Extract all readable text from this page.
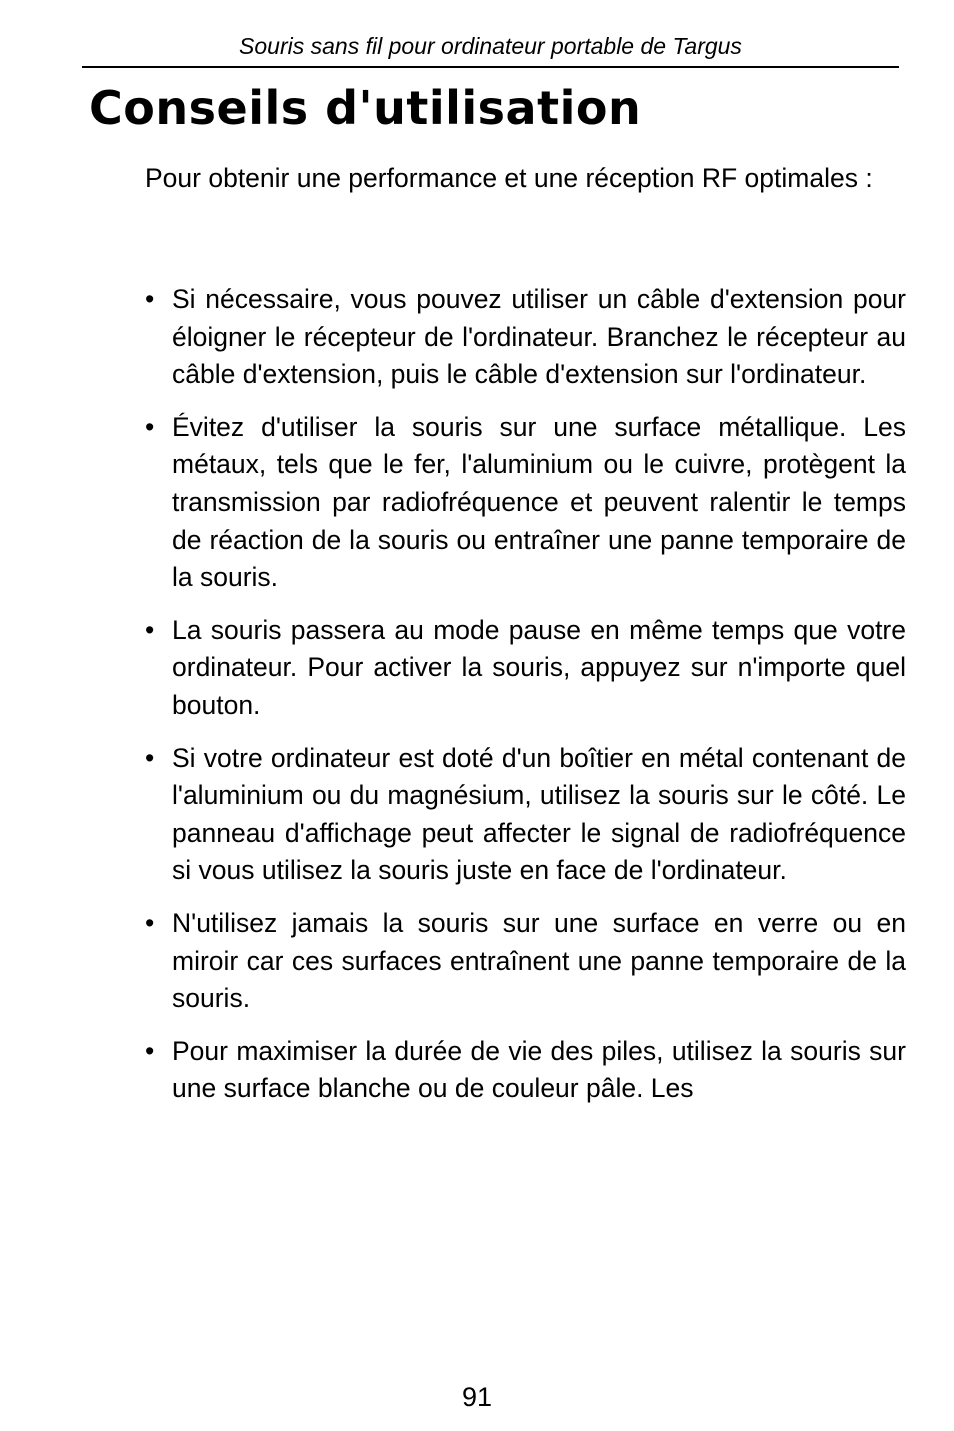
Souris sans fil pour ordinateur portable de Targus
Conseils d'utilisation

Pour obtenir une performance et une réception RF optimales :

• Si nécessaire, vous pouvez utiliser un câble d'extension pour éloigner le récepteur de l'ordinateur. Branchez le récepteur au câble d'extension, puis le câble d'extension sur l'ordinateur.
• Évitez d'utiliser la souris sur une surface métallique. Les métaux, tels que le fer, l'aluminium ou le cuivre, protègent la transmission par radiofréquence et peuvent ralentir le temps de réaction de la souris ou entraîner une panne temporaire de la souris.
• La souris passera au mode pause en même temps que votre ordinateur. Pour activer la souris, appuyez sur n'importe quel bouton.
• Si votre ordinateur est doté d'un boîtier en métal contenant de l'aluminium ou du magnésium, utilisez la souris sur le côté. Le panneau d'affichage peut affecter le signal de radiofréquence si vous utilisez la souris juste en face de l'ordinateur.
• N'utilisez jamais la souris sur une surface en verre ou en miroir car ces surfaces entraînent une panne temporaire de la souris.
• Pour maximiser la durée de vie des piles, utilisez la souris sur une surface blanche ou de couleur pâle. Les
91
